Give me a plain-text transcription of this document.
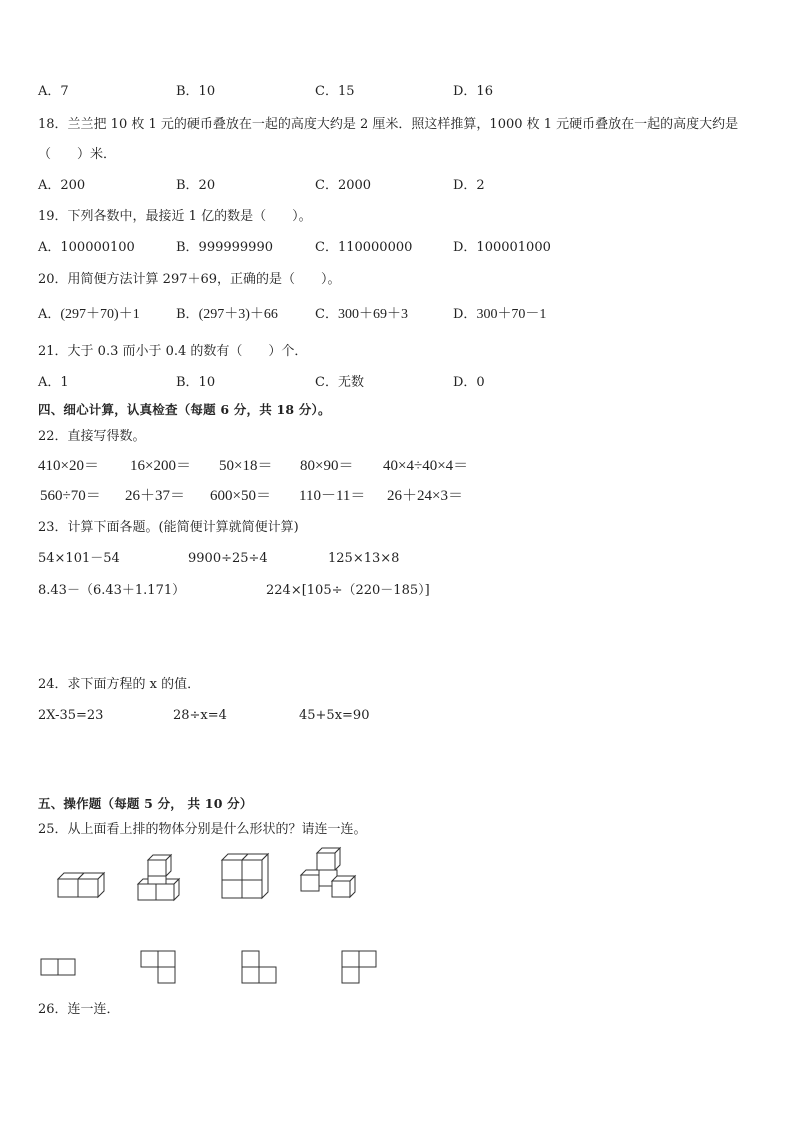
A．7	B．10	C．15	D．16
18．兰兰把 10 枚 1 元的硬币叠放在一起的高度大约是 2 厘米．照这样推算，1000 枚 1 元硬币叠放在一起的高度大约是
（　　）米．
A．200	B．20	C．2000	D．2
19．下列各数中，最接近 1 亿的数是（　　）。
A．100000100	B．999999990	C．110000000	D．100001000
20．用简便方法计算 297＋69，正确的是（　　）。
A．(297＋70)＋1	B．(297＋3)＋66	C．300＋69＋3	D．300＋70－1
21．大于 0.3 而小于 0.4 的数有（　　）个．
A．1	B．10	C．无数	D．0
四、细心计算，认真检查（每题 6 分，共 18 分）。
22．直接写得数。
410×20＝ 16×200＝ 50×18＝ 80×90＝ 40×4÷40×4＝
560÷70＝ 26＋37＝ 600×50＝ 110－11＝ 26＋24×3＝
23．计算下面各题。(能简便计算就简便计算)
54×101－54	9900÷25÷4	125×13×8
8.43－（6.43＋1.171）	224×[105÷（220－185）]
24．求下面方程的 x 的值．
2X-35=23	28÷x=4	45+5x=90
五、操作题（每题 5 分， 共 10 分）
25．从上面看上排的物体分别是什么形状的？请连一连。
26．连一连．
